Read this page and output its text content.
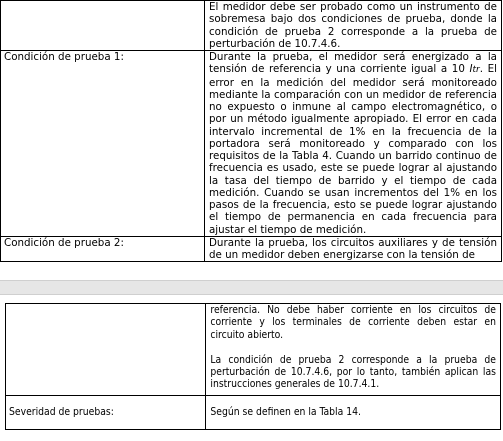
	El medidor debe ser probado como un instrumento de sobremesa bajo dos condiciones de prueba, donde la condición de prueba 2 corresponde a la prueba de perturbación de 10.7.4.6.

Condición de prueba 1:	Durante la prueba, el medidor será energizado a la tensión de referencia y una corriente igual a 10 Itr. El error en la medición del medidor será monitoreado mediante la comparación con un medidor de referencia no expuesto o inmune al campo electromagnético, o por un método igualmente apropiado. El error en cada intervalo incremental de 1% en la frecuencia de la portadora será monitoreado y comparado con los requisitos de la Tabla 4. Cuando un barrido continuo de frecuencia es usado, este se puede lograr al ajustando la tasa del tiempo de barrido y el tiempo de cada medición. Cuando se usan incrementos del 1% en los pasos de la frecuencia, esto se puede lograr ajustando el tiempo de permanencia en cada frecuencia para ajustar el tiempo de medición.

Condición de prueba 2:	Durante la prueba, los circuitos auxiliares y de tensión de un medidor deben energizarse con la tensión de

	referencia. No debe haber corriente en los circuitos de corriente y los terminales de corriente deben estar en circuito abierto.

La condición de prueba 2 corresponde a la prueba de perturbación de 10.7.4.6, por lo tanto, también aplican las instrucciones generales de 10.7.4.1.

Severidad de pruebas:	Según se definen en la Tabla 14.
